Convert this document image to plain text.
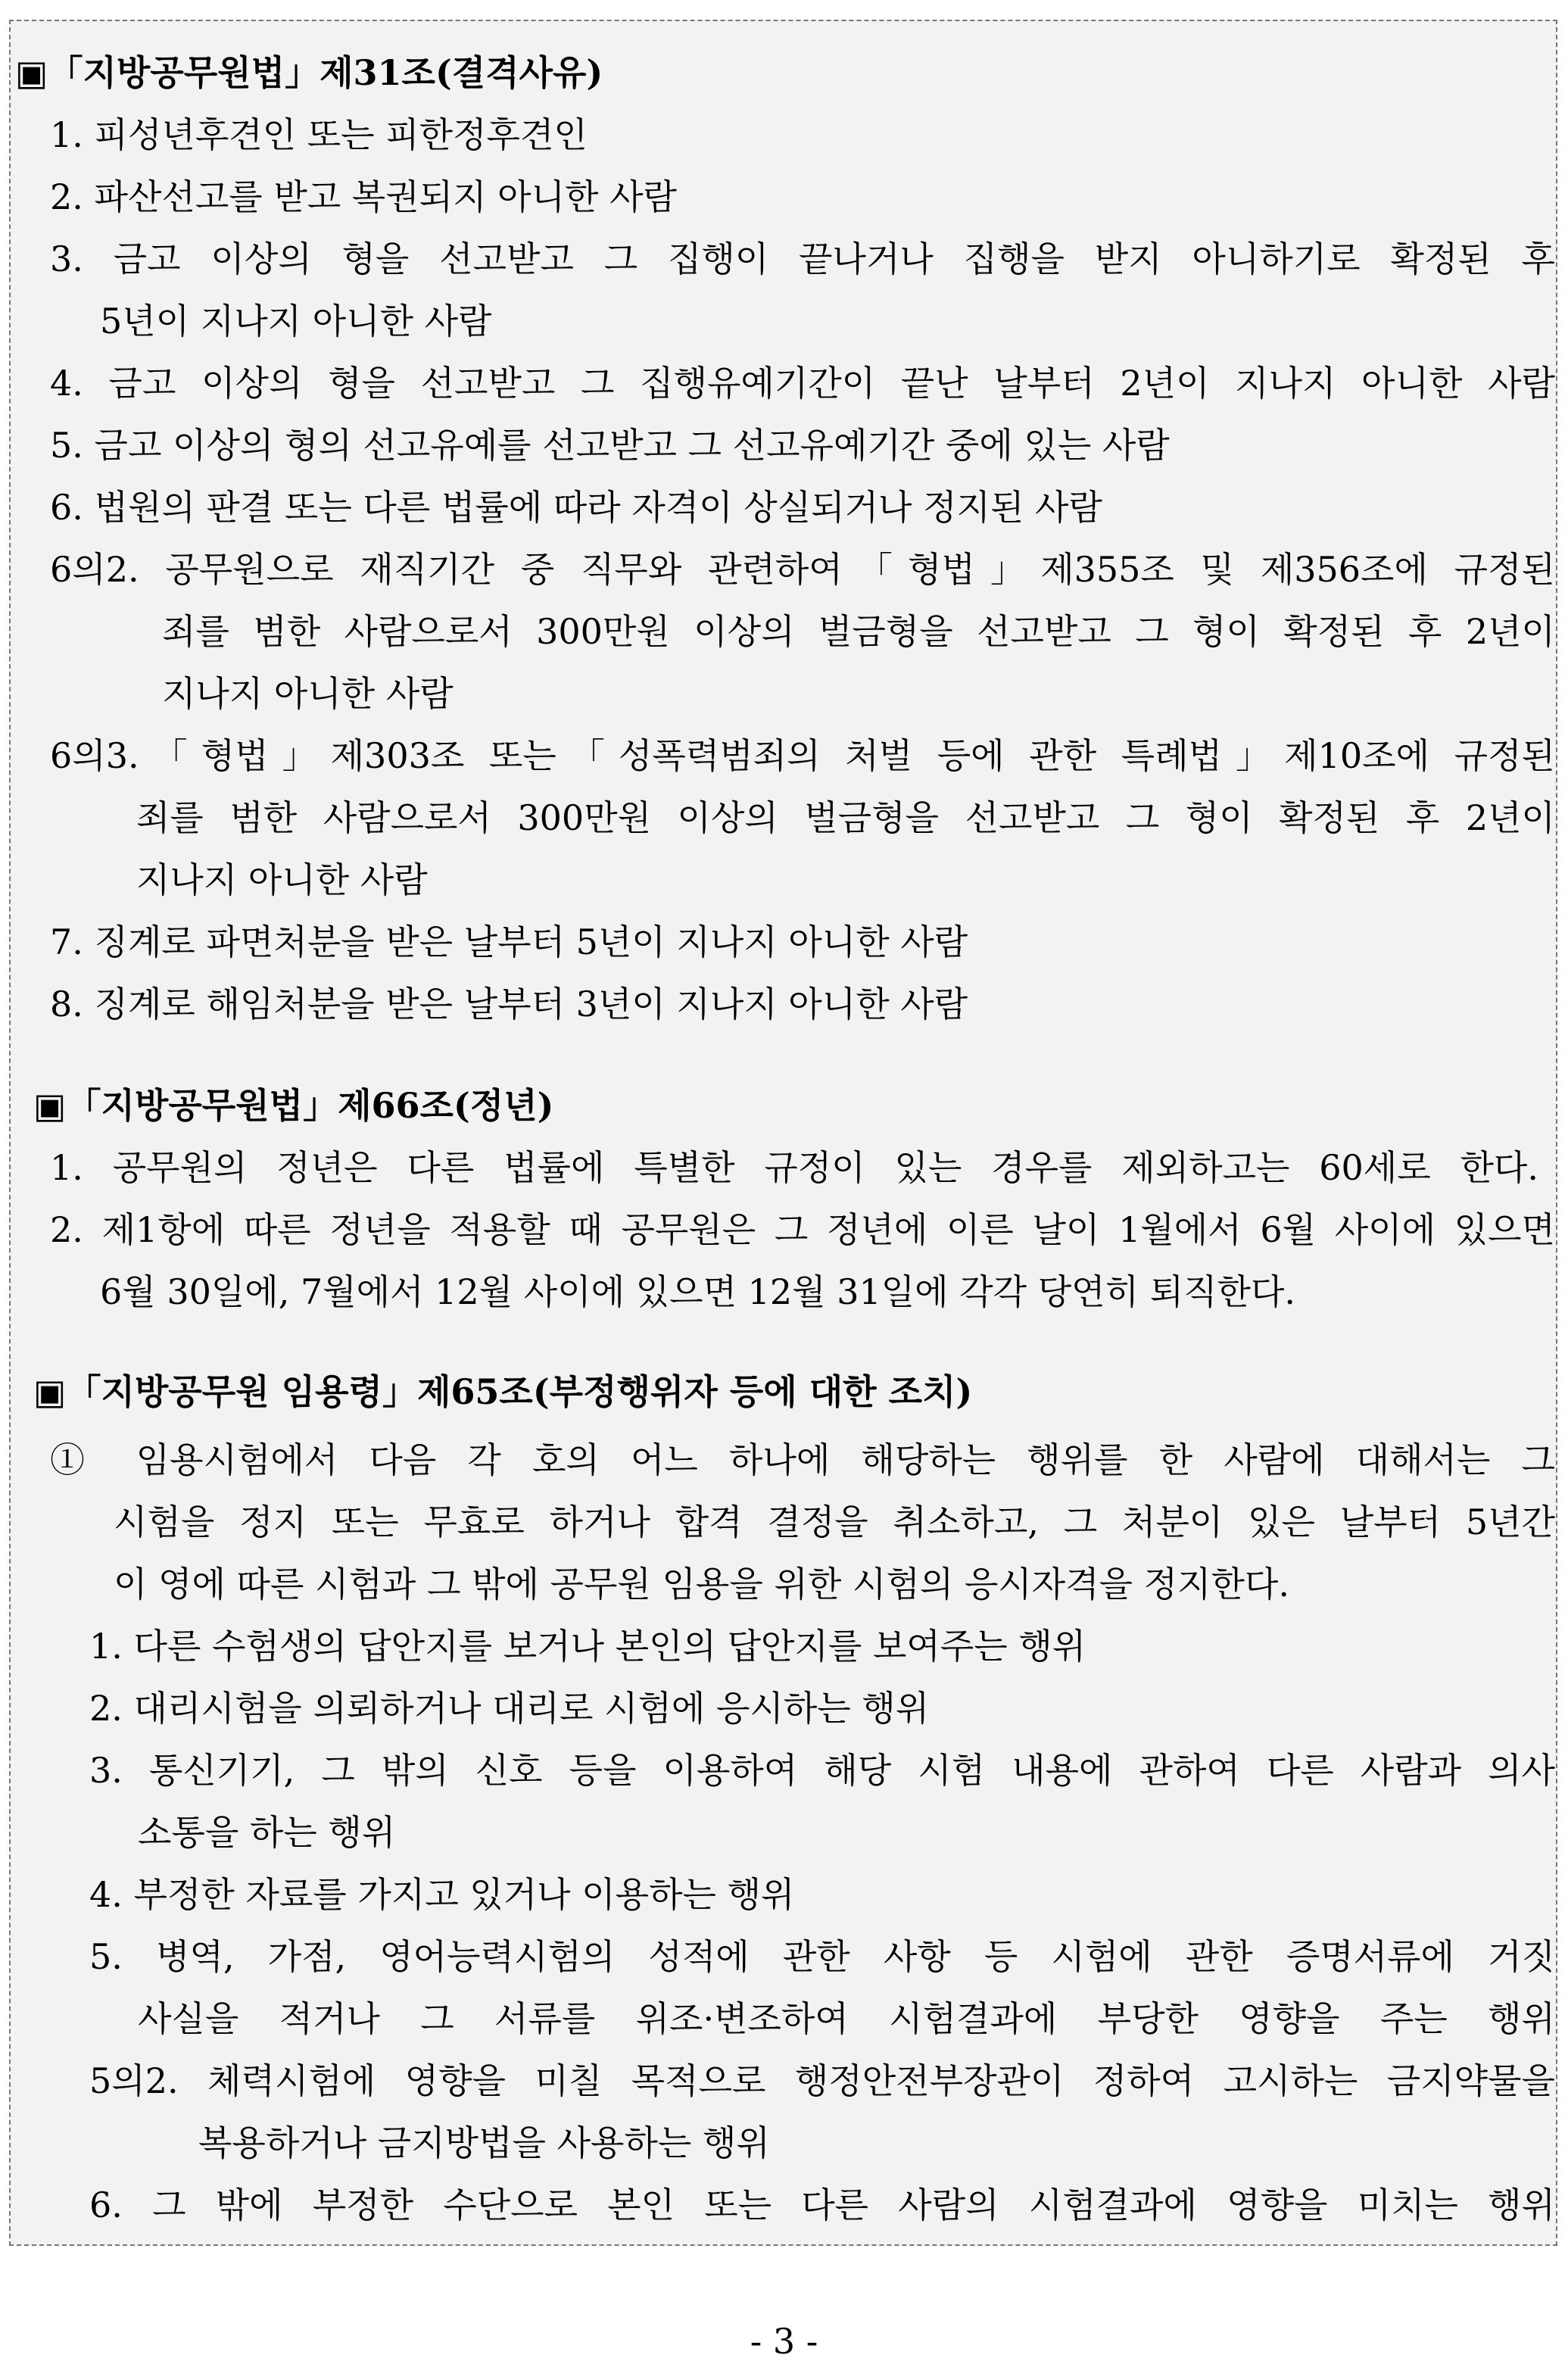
▣「지방공무원법」제31조(결격사유)
1. 피성년후견인 또는 피한정후견인
2. 파산선고를 받고 복권되지 아니한 사람
3. 금고 이상의 형을 선고받고 그 집행이 끝나거나 집행을 받지 아니하기로 확정된 후
5년이 지나지 아니한 사람
4. 금고 이상의 형을 선고받고 그 집행유예기간이 끝난 날부터 2년이 지나지 아니한 사람
5. 금고 이상의 형의 선고유예를 선고받고 그 선고유예기간 중에 있는 사람
6. 법원의 판결 또는 다른 법률에 따라 자격이 상실되거나 정지된 사람
6의2. 공무원으로 재직기간 중 직무와 관련하여「형법」제355조 및 제356조에 규정된
죄를 범한 사람으로서 300만원 이상의 벌금형을 선고받고 그 형이 확정된 후 2년이
지나지 아니한 사람
6의3.「형법」제303조 또는「성폭력범죄의 처벌 등에 관한 특례법」제10조에 규정된
죄를 범한 사람으로서 300만원 이상의 벌금형을 선고받고 그 형이 확정된 후 2년이
지나지 아니한 사람
7. 징계로 파면처분을 받은 날부터 5년이 지나지 아니한 사람
8. 징계로 해임처분을 받은 날부터 3년이 지나지 아니한 사람
▣「지방공무원법」제66조(정년)
1. 공무원의 정년은 다른 법률에 특별한 규정이 있는 경우를 제외하고는 60세로 한다.
2. 제1항에 따른 정년을 적용할 때 공무원은 그 정년에 이른 날이 1월에서 6월 사이에 있으면
6월 30일에, 7월에서 12월 사이에 있으면 12월 31일에 각각 당연히 퇴직한다.
▣「지방공무원 임용령」제65조(부정행위자 등에 대한 조치)
① 임용시험에서 다음 각 호의 어느 하나에 해당하는 행위를 한 사람에 대해서는 그
시험을 정지 또는 무효로 하거나 합격 결정을 취소하고, 그 처분이 있은 날부터 5년간
이 영에 따른 시험과 그 밖에 공무원 임용을 위한 시험의 응시자격을 정지한다.
1. 다른 수험생의 답안지를 보거나 본인의 답안지를 보여주는 행위
2. 대리시험을 의뢰하거나 대리로 시험에 응시하는 행위
3. 통신기기, 그 밖의 신호 등을 이용하여 해당 시험 내용에 관하여 다른 사람과 의사
소통을 하는 행위
4. 부정한 자료를 가지고 있거나 이용하는 행위
5. 병역, 가점, 영어능력시험의 성적에 관한 사항 등 시험에 관한 증명서류에 거짓
사실을 적거나 그 서류를 위조·변조하여 시험결과에 부당한 영향을 주는 행위
5의2. 체력시험에 영향을 미칠 목적으로 행정안전부장관이 정하여 고시하는 금지약물을
복용하거나 금지방법을 사용하는 행위
6. 그 밖에 부정한 수단으로 본인 또는 다른 사람의 시험결과에 영향을 미치는 행위
- 3 -
